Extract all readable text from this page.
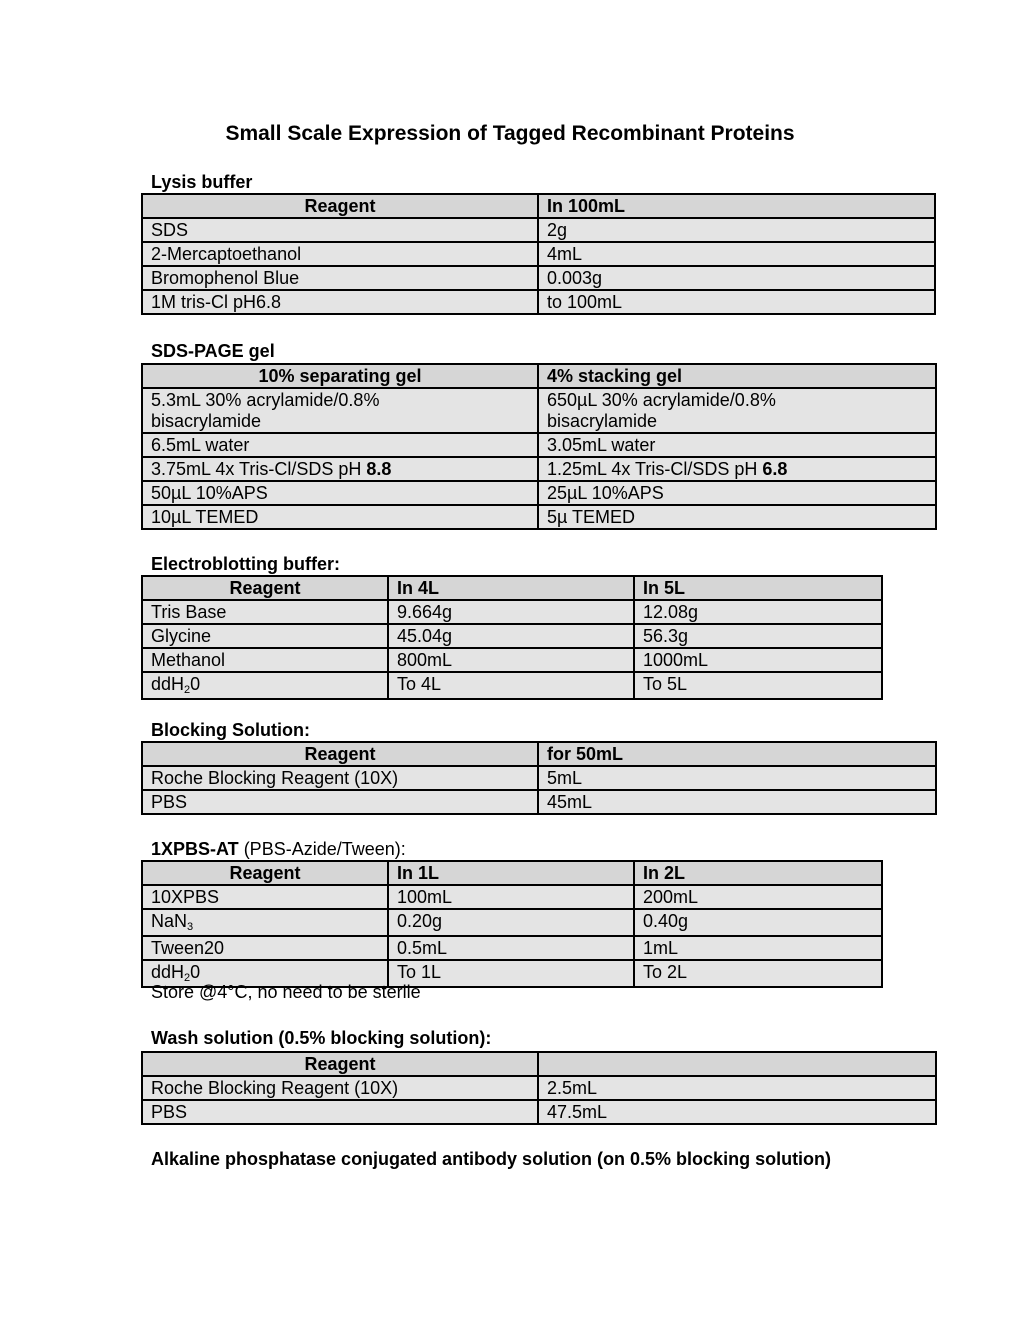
Small Scale Expression of Tagged Recombinant Proteins
Lysis buffer
Reagent	In 100mL
SDS	2g
2-Mercaptoethanol	4mL
Bromophenol Blue	0.003g
1M tris-Cl pH6.8	to 100mL
SDS-PAGE gel
10% separating gel	4% stacking gel
5.3mL 30% acrylamide/0.8% bisacrylamide	650µL 30% acrylamide/0.8% bisacrylamide
6.5mL water	3.05mL water
3.75mL 4x Tris-Cl/SDS pH 8.8	1.25mL 4x Tris-Cl/SDS pH 6.8
50µL 10%APS	25µL 10%APS
10µL TEMED	5µ TEMED
Electroblotting buffer:
Reagent	In 4L	In 5L
Tris Base	9.664g	12.08g
Glycine	45.04g	56.3g
Methanol	800mL	1000mL
ddH$_2$0	To 4L	To 5L
Blocking Solution:
Reagent	for 50mL
Roche Blocking Reagent (10X)	5mL
PBS	45mL
1XPBS-AT (PBS-Azide/Tween):
Reagent	In 1L	In 2L
10XPBS	100mL	200mL
NaN$_3$	0.20g	0.40g
Tween20	0.5mL	1mL
ddH$_2$0	To 1L	To 2L
Store @4°C, no need to be sterile
Wash solution (0.5% blocking solution):
Reagent	
Roche Blocking Reagent (10X)	2.5mL
PBS	47.5mL
Alkaline phosphatase conjugated antibody solution (on 0.5% blocking solution)
